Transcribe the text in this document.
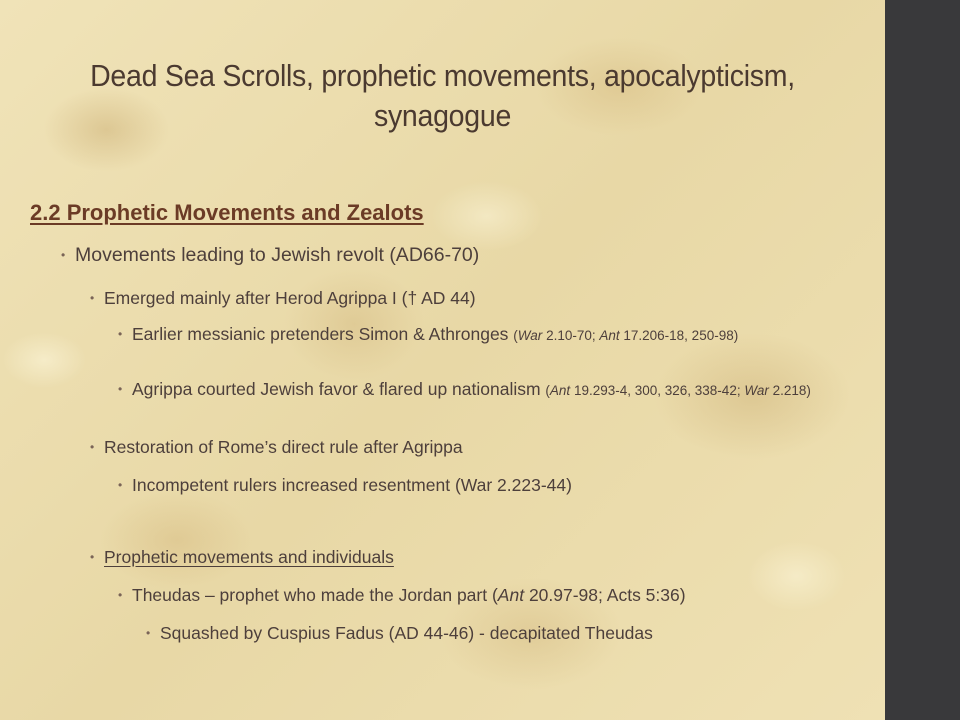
Dead Sea Scrolls, prophetic movements, apocalypticism,
synagogue
2.2 Prophetic Movements and Zealots
• Movements leading to Jewish revolt (AD66-70)
• Emerged mainly after Herod Agrippa I († AD 44)
• Earlier messianic pretenders Simon & Athronges (War 2.10-70; Ant 17.206-18, 250-98)
• Agrippa courted Jewish favor & flared up nationalism (Ant 19.293-4, 300, 326, 338-42; War 2.218)
• Restoration of Rome’s direct rule after Agrippa
• Incompetent rulers increased resentment (War 2.223-44)
• Prophetic movements and individuals
• Theudas – prophet who made the Jordan part (Ant 20.97-98; Acts 5:36)
• Squashed by Cuspius Fadus (AD 44-46) - decapitated Theudas
